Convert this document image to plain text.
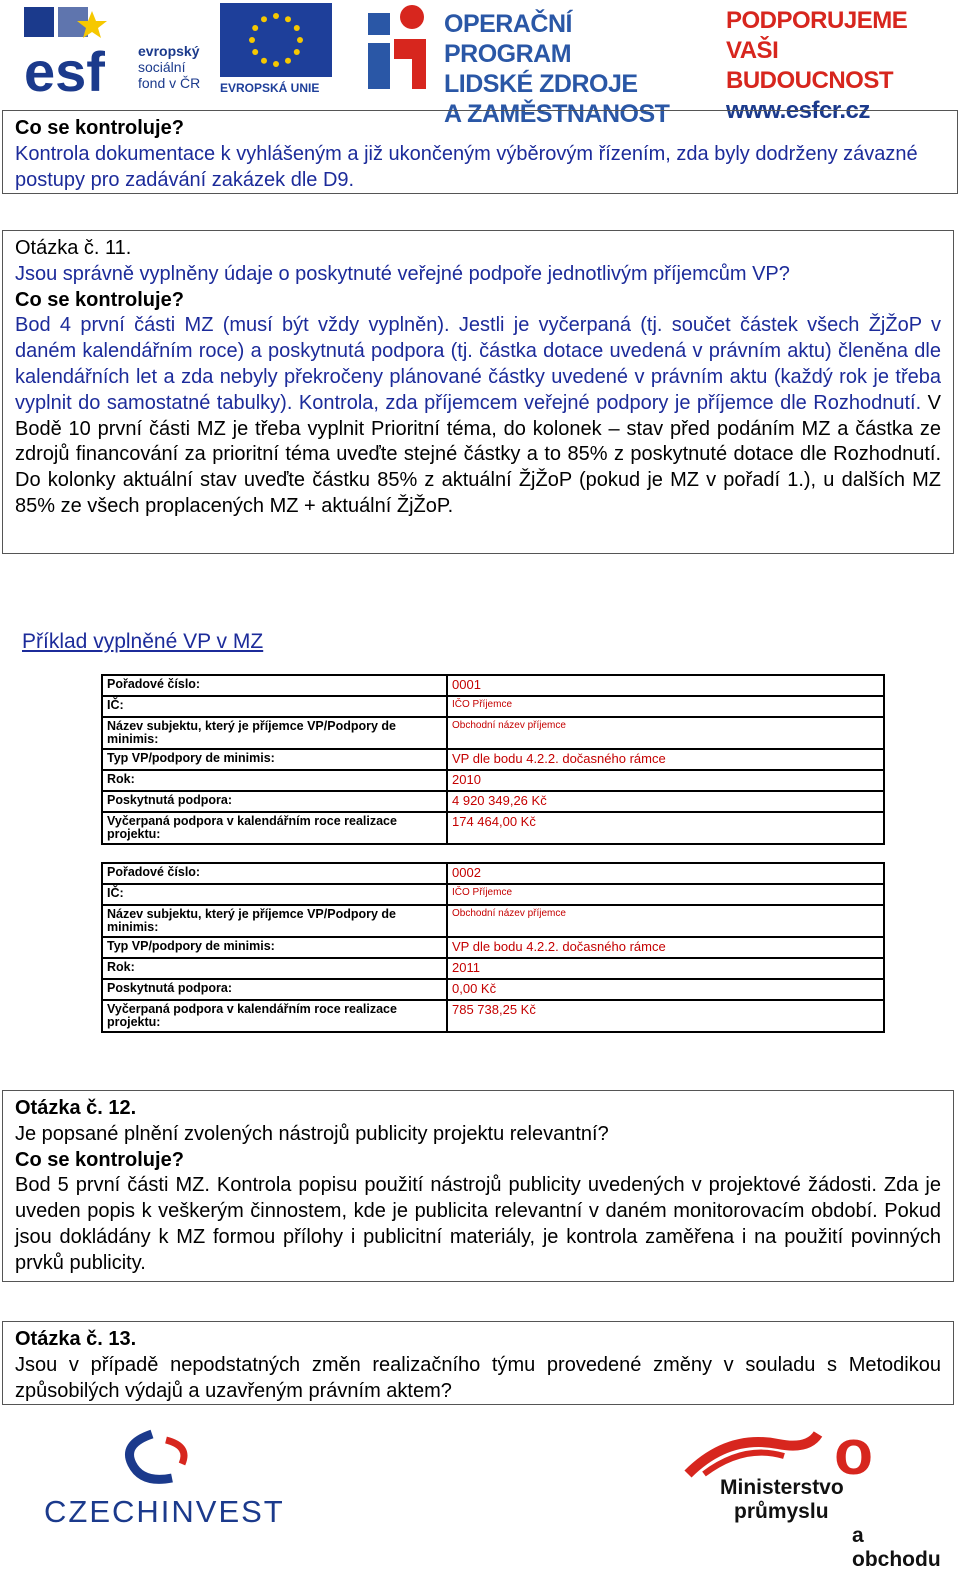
esf evropský
sociální
fond v ČR EVROPSKÁ UNIE
OPERAČNÍ PROGRAM
LIDSKÉ ZDROJE
A ZAMĚSTNANOST
PODPORUJEME
VAŠI BUDOUCNOST
www.esfcr.cz

Co se kontroluje?

Kontrola dokumentace k vyhlášeným a již ukončeným výběrovým řízením, zda byly dodrženy závazné postupy pro zadávání zakázek dle D9.

Otázka č. 11.

Jsou správně vyplněny údaje o poskytnuté veřejné podpoře jednotlivým příjemcům VP?

Co se kontroluje?

Bod 4 první části MZ (musí být vždy vyplněn). Jestli je vyčerpaná (tj. součet částek všech ŽjŽoP v daném kalendářním roce) a poskytnutá podpora (tj. částka dotace uvedená v právním aktu) členěna dle kalendářních let a zda nebyly překročeny plánované částky uvedené v právním aktu (každý rok je třeba vyplnit do samostatné tabulky). Kontrola, zda příjemcem veřejné podpory je příjemce dle Rozhodnutí. V Bodě 10 první části MZ je třeba vyplnit Prioritní téma, do kolonek – stav před podáním MZ a částka ze zdrojů financování za prioritní téma uveďte stejné částky a to 85% z poskytnuté dotace dle Rozhodnutí. Do kolonky aktuální stav uveďte částku 85% z aktuální ŽjŽoP (pokud je MZ v pořadí 1.), u dalších MZ 85% ze všech proplacených MZ + aktuální ŽjŽoP.

Příklad vyplněné VP v MZ
Pořadové číslo:	0001
IČ:	IČO Příjemce
Název subjektu, který je příjemce VP/Podpory de minimis:
Obchodní název příjemce
Typ VP/podpory de minimis:	VP dle bodu 4.2.2. dočasného rámce
Rok:	2010
Poskytnutá podpora:	4 920 349,26 Kč
Vyčerpaná podpora v kalendářním roce realizace projektu:
174 464,00 Kč
Pořadové číslo:	0002
IČ:	IČO Příjemce
Název subjektu, který je příjemce VP/Podpory de minimis:
Obchodní název příjemce
Typ VP/podpory de minimis:	VP dle bodu 4.2.2. dočasného rámce
Rok:	2011
Poskytnutá podpora:	0,00 Kč
Vyčerpaná podpora v kalendářním roce realizace projektu:
785 738,25 Kč

Otázka č. 12.

Je popsané plnění zvolených nástrojů publicity projektu relevantní?

Co se kontroluje?

Bod 5 první části MZ. Kontrola popisu použití nástrojů publicity uvedených v projektové žádosti. Zda je uveden popis k veškerým činnostem, kde je publicita relevantní v daném monitorovacím období. Pokud jsou dokládány k MZ formou přílohy i publicitní materiály, je kontrola zaměřena i na použití povinných prvků publicity.

Otázka č. 13.

Jsou v případě nepodstatných změn realizačního týmu provedené změny v souladu s Metodikou způsobilých výdajů a uzavřeným právním aktem?

CZECHINVEST
o
Ministerstvo průmyslu
a obchodu
